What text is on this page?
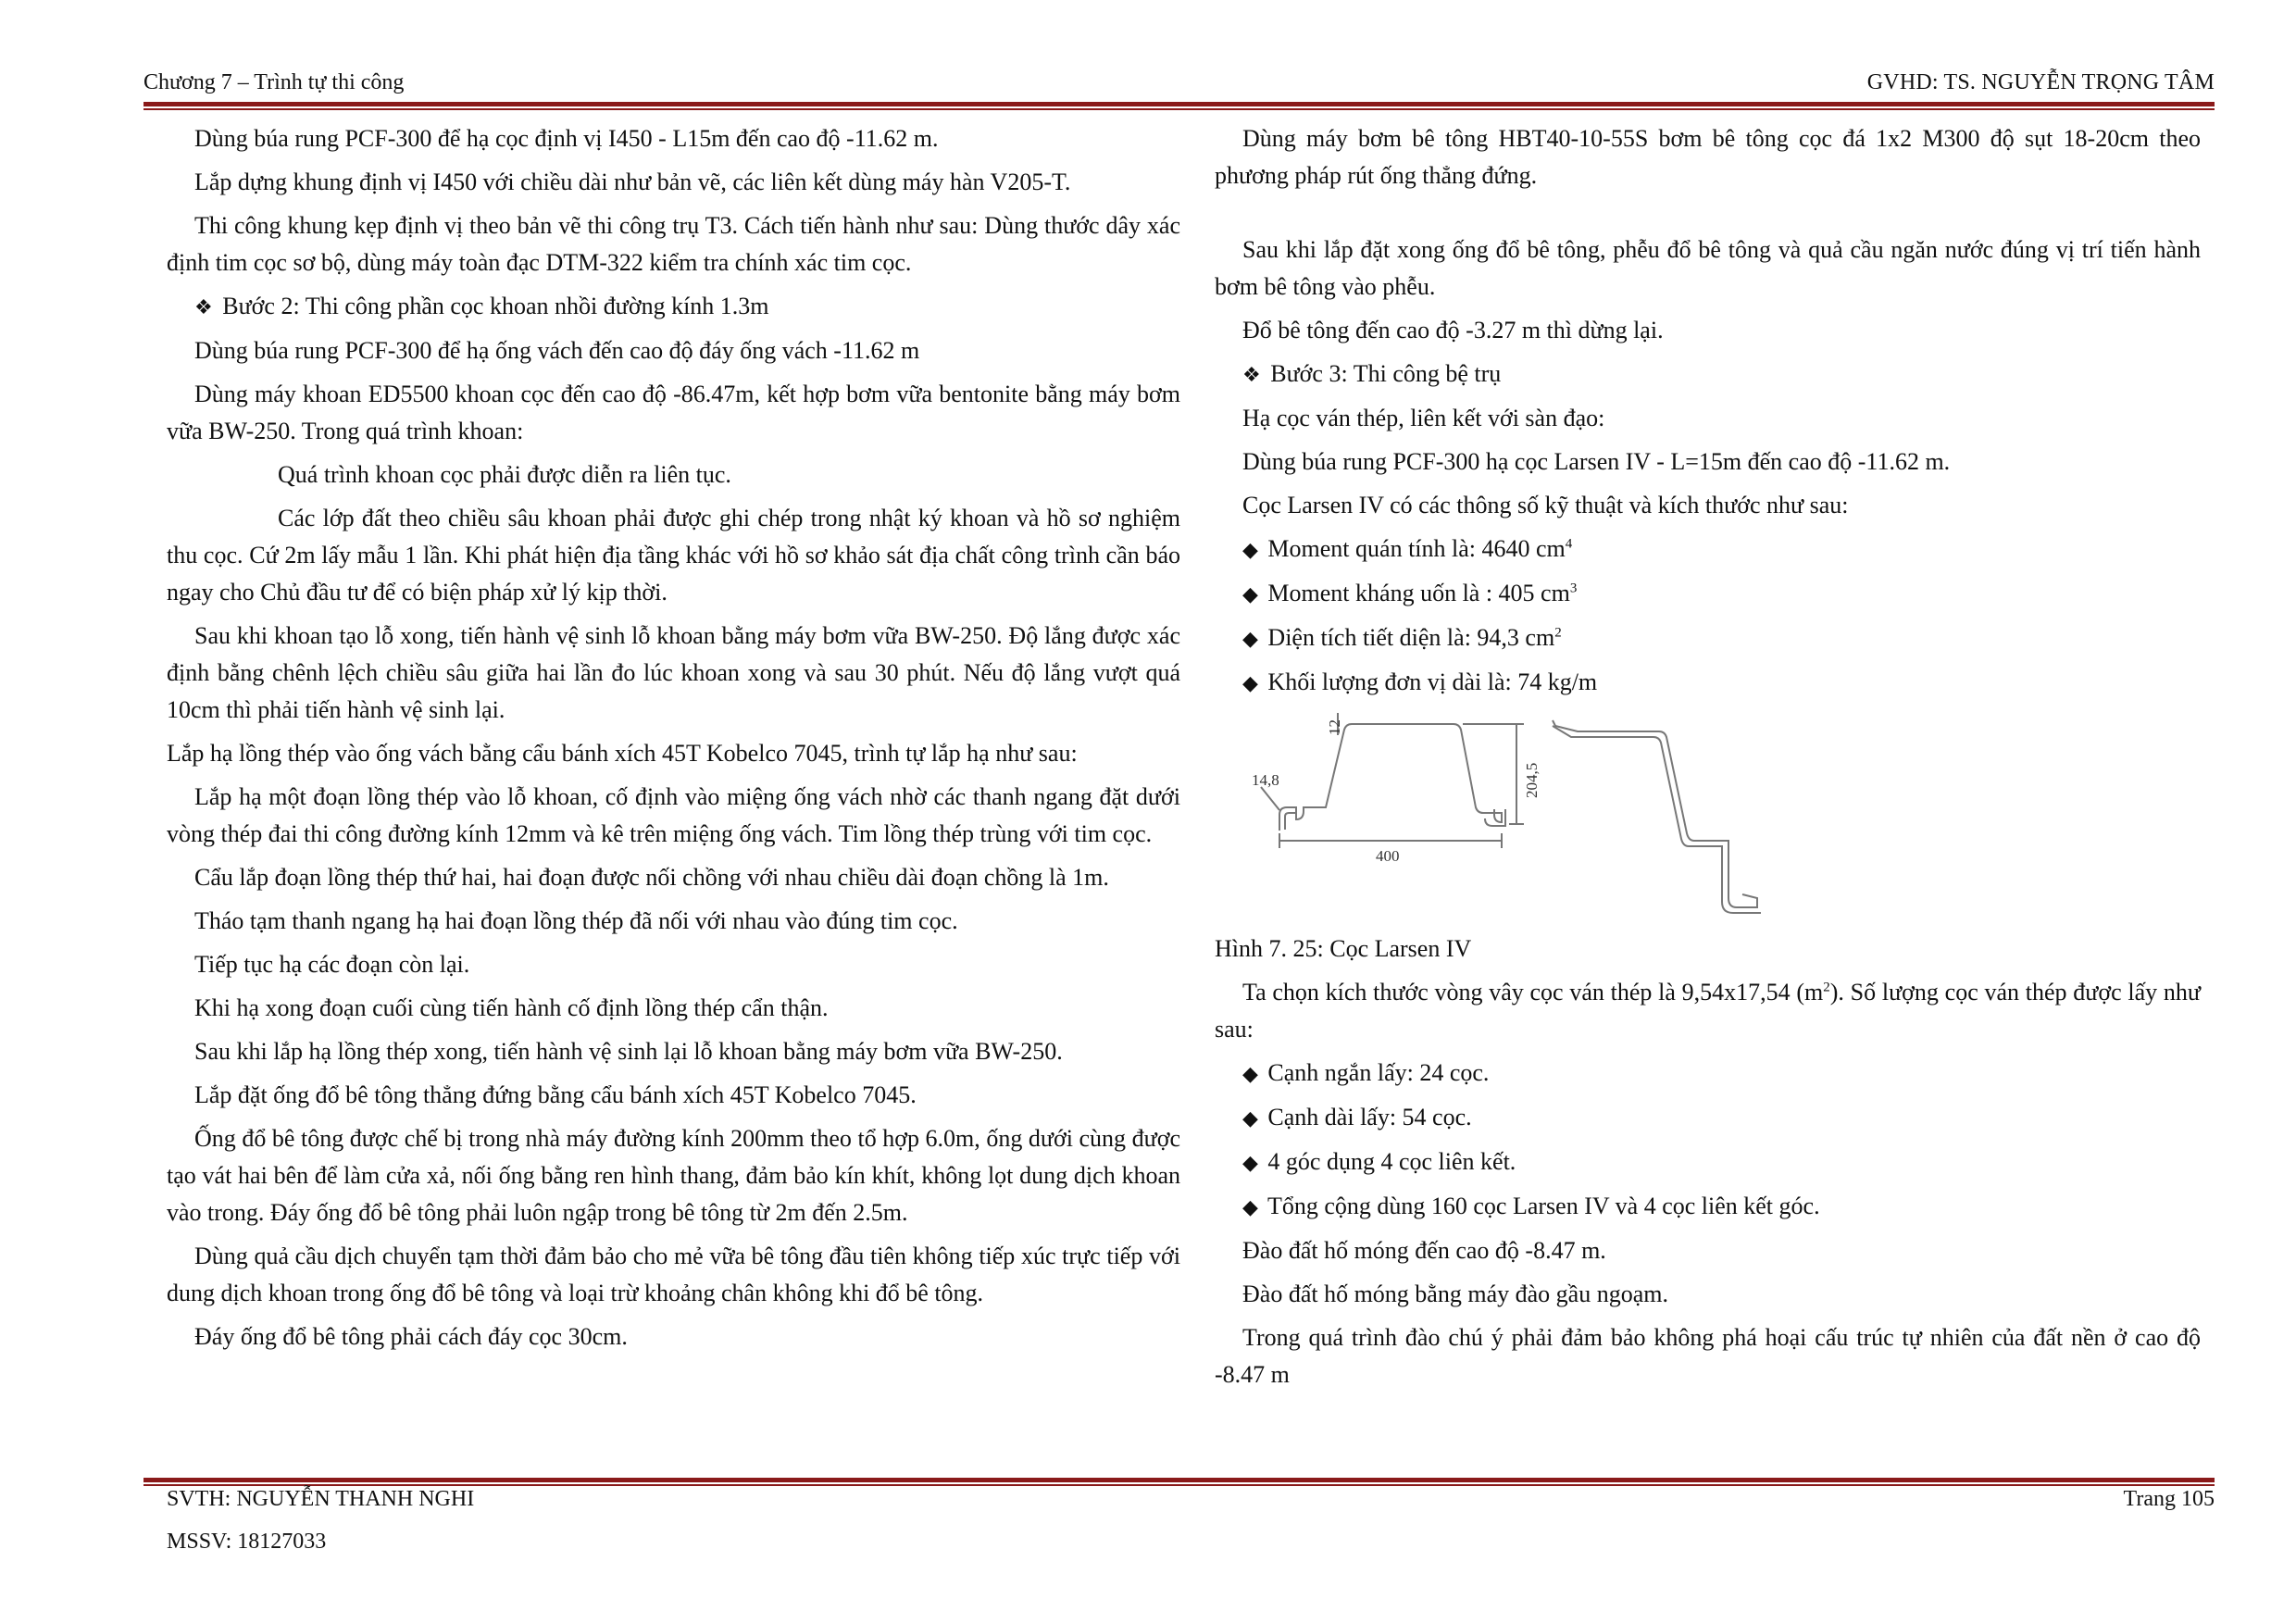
Chương 7 – Trình tự thi công	GVHD: TS. NGUYỄN TRỌNG TÂM

Dùng búa rung PCF-300 để hạ cọc định vị I450 - L15m đến cao độ -11.62 m.

Lắp dựng khung định vị I450 với chiều dài như bản vẽ, các liên kết dùng máy hàn V205-T.

Thi công khung kẹp định vị theo bản vẽ thi công trụ T3. Cách tiến hành như sau: Dùng thước dây xác định tim cọc sơ bộ, dùng máy toàn đạc DTM-322 kiểm tra chính xác tim cọc.

❖ Bước 2: Thi công phần cọc khoan nhồi đường kính 1.3m

Dùng búa rung PCF-300 để hạ ống vách đến cao độ đáy ống vách -11.62 m

Dùng máy khoan ED5500 khoan cọc đến cao độ -86.47m, kết hợp bơm vữa bentonite bằng máy bơm vữa BW-250. Trong quá trình khoan:

Quá trình khoan cọc phải được diễn ra liên tục.

Các lớp đất theo chiều sâu khoan phải được ghi chép trong nhật ký khoan và hồ sơ nghiệm thu cọc. Cứ 2m lấy mẫu 1 lần. Khi phát hiện địa tầng khác với hồ sơ khảo sát địa chất công trình cần báo ngay cho Chủ đầu tư để có biện pháp xử lý kịp thời.

Sau khi khoan tạo lỗ xong, tiến hành vệ sinh lỗ khoan bằng máy bơm vữa BW-250. Độ lắng được xác định bằng chênh lệch chiều sâu giữa hai lần đo lúc khoan xong và sau 30 phút. Nếu độ lắng vượt quá 10cm thì phải tiến hành vệ sinh lại.

Lắp hạ lồng thép vào ống vách bằng cẩu bánh xích 45T Kobelco 7045, trình tự lắp hạ như sau:

Lắp hạ một đoạn lồng thép vào lỗ khoan, cố định vào miệng ống vách nhờ các thanh ngang đặt dưới vòng thép đai thi công đường kính 12mm và kê trên miệng ống vách. Tim lồng thép trùng với tim cọc.

Cẩu lắp đoạn lồng thép thứ hai, hai đoạn được nối chồng với nhau chiều dài đoạn chồng là 1m.

Tháo tạm thanh ngang hạ hai đoạn lồng thép đã nối với nhau vào đúng tim cọc.

Tiếp tục hạ các đoạn còn lại.

Khi hạ xong đoạn cuối cùng tiến hành cố định lồng thép cẩn thận.

Sau khi lắp hạ lồng thép xong, tiến hành vệ sinh lại lỗ khoan bằng máy bơm vữa BW-250.

Lắp đặt ống đổ bê tông thẳng đứng bằng cẩu bánh xích 45T Kobelco 7045.

Ống đổ bê tông được chế bị trong nhà máy đường kính 200mm theo tổ hợp 6.0m, ống dưới cùng được tạo vát hai bên để làm cửa xả, nối ống bằng ren hình thang, đảm bảo kín khít, không lọt dung dịch khoan vào trong. Đáy ống đổ bê tông phải luôn ngập trong bê tông từ 2m đến 2.5m.

Dùng quả cầu dịch chuyển tạm thời đảm bảo cho mẻ vữa bê tông đầu tiên không tiếp xúc trực tiếp với dung dịch khoan trong ống đổ bê tông và loại trừ khoảng chân không khi đổ bê tông.

Đáy ống đổ bê tông phải cách đáy cọc 30cm.

Dùng máy bơm bê tông HBT40-10-55S bơm bê tông cọc đá 1x2 M300 độ sụt 18-20cm theo phương pháp rút ống thẳng đứng.

Sau khi lắp đặt xong ống đổ bê tông, phễu đổ bê tông và quả cầu ngăn nước đúng vị trí tiến hành bơm bê tông vào phễu.

Đổ bê tông đến cao độ -3.27 m thì dừng lại.

❖ Bước 3: Thi công bệ trụ

Hạ cọc ván thép, liên kết với sàn đạo:

Dùng búa rung PCF-300 hạ cọc Larsen IV - L=15m đến cao độ -11.62 m.

Cọc Larsen IV có các thông số kỹ thuật và kích thước như sau:

◆ Moment quán tính là: 4640 $cm^4$

◆ Moment kháng uốn là : 405 $cm^3$

◆ Diện tích tiết diện là: 94,3 $cm^2$

◆ Khối lượng đơn vị dài là: 74 kg/m

14,8
12
204,5
400

Hình 7. 25: Cọc Larsen IV

Ta chọn kích thước vòng vây cọc ván thép là 9,54x17,54 $(m^2)$. Số lượng cọc ván thép được lấy như sau:

◆ Cạnh ngắn lấy: 24 cọc.

◆ Cạnh dài lấy: 54 cọc.

◆ 4 góc dụng 4 cọc liên kết.

◆ Tổng cộng dùng 160 cọc Larsen IV và 4 cọc liên kết góc.

Đào đất hố móng đến cao độ -8.47 m.

Đào đất hố móng bằng máy đào gầu ngoạm.

Trong quá trình đào chú ý phải đảm bảo không phá hoại cấu trúc tự nhiên của đất nền ở cao độ -8.47 m

SVTH: NGUYỄN THANH NGHI
MSSV: 18127033
Trang 105
